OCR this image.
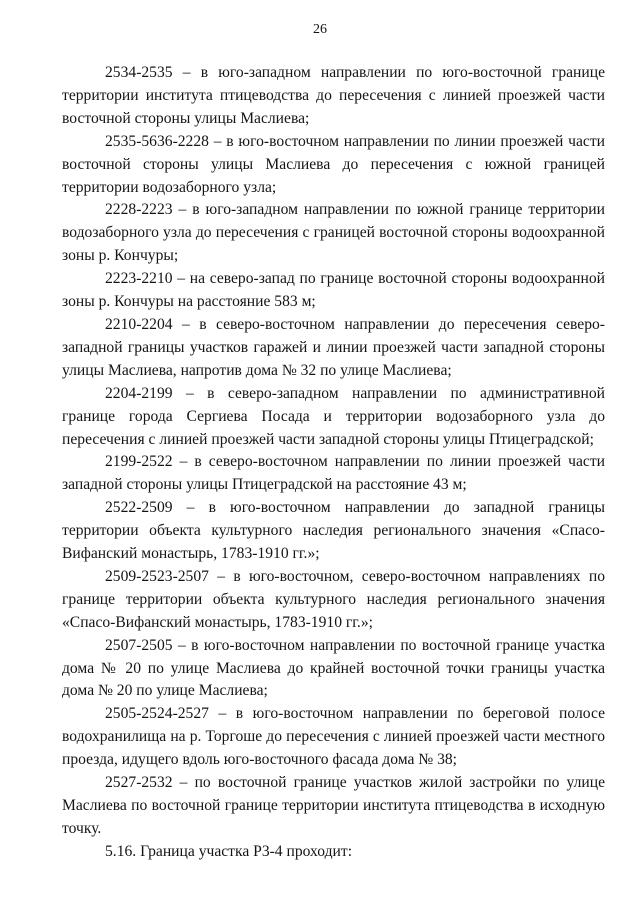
26

2534-2535 – в юго-западном направлении по юго-восточной границе территории института птицеводства до пересечения с линией проезжей части восточной стороны улицы Маслиева;

2535-5636-2228 – в юго-восточном направлении по линии проезжей части восточной стороны улицы Маслиева до пересечения с южной границей территории водозаборного узла;

2228-2223 – в юго-западном направлении по южной границе территории водозаборного узла до пересечения с границей восточной стороны водоохранной зоны р. Кончуры;

2223-2210 – на северо-запад по границе восточной стороны водоохранной зоны р. Кончуры на расстояние 583 м;

2210-2204 – в северо-восточном направлении до пересечения северо-западной границы участков гаражей и линии проезжей части западной стороны улицы Маслиева, напротив дома № 32 по улице Маслиева;

2204-2199 – в северо-западном направлении по административной границе города Сергиева Посада и территории водозаборного узла до пересечения с линией проезжей части западной стороны улицы Птицеградской;

2199-2522 – в северо-восточном направлении по линии проезжей части западной стороны улицы Птицеградской на расстояние 43 м;

2522-2509 – в юго-восточном направлении до западной границы территории объекта культурного наследия регионального значения «Спасо-Вифанский монастырь, 1783-1910 гг.»;

2509-2523-2507 – в юго-восточном, северо-восточном направлениях по границе территории объекта культурного наследия регионального значения «Спасо-Вифанский монастырь, 1783-1910 гг.»;

2507-2505 – в юго-восточном направлении по восточной границе участка дома № 20 по улице Маслиева до крайней восточной точки границы участка дома № 20 по улице Маслиева;

2505-2524-2527 – в юго-восточном направлении по береговой полосе водохранилища на р. Торгоше до пересечения с линией проезжей части местного проезда, идущего вдоль юго-восточного фасада дома № 38;

2527-2532 – по восточной границе участков жилой застройки по улице Маслиева по восточной границе территории института птицеводства в исходную точку.

5.16. Граница участка Р3-4 проходит:
